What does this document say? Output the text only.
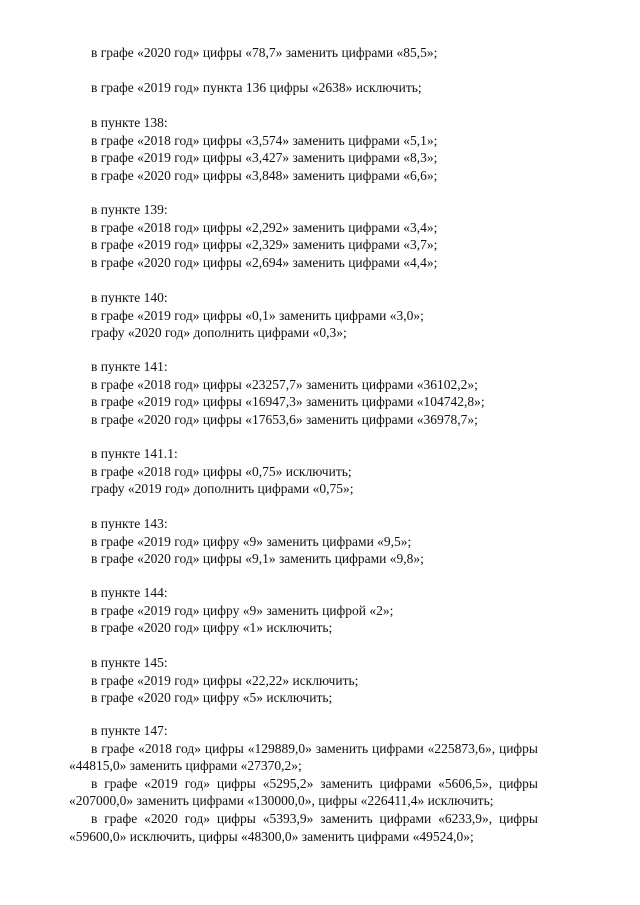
в графе «2020 год» цифры «78,7» заменить цифрами «85,5»;
в графе «2019 год» пункта 136 цифры «2638» исключить;
в пункте 138:
в графе «2018 год» цифры «3,574» заменить цифрами «5,1»;
в графе «2019 год» цифры «3,427» заменить цифрами «8,3»;
в графе «2020 год» цифры «3,848» заменить цифрами «6,6»;
в пункте 139:
в графе «2018 год» цифры «2,292» заменить цифрами «3,4»;
в графе «2019 год» цифры «2,329» заменить цифрами «3,7»;
в графе «2020 год» цифры «2,694» заменить цифрами «4,4»;
в пункте 140:
в графе «2019 год» цифры «0,1» заменить цифрами «3,0»;
графу «2020 год» дополнить цифрами «0,3»;
в пункте 141:
в графе «2018 год» цифры «23257,7» заменить цифрами «36102,2»;
в графе «2019 год» цифры «16947,3» заменить цифрами «104742,8»;
в графе «2020 год» цифры «17653,6» заменить цифрами «36978,7»;
в пункте 141.1:
в графе «2018 год» цифры «0,75» исключить;
графу «2019 год» дополнить цифрами «0,75»;
в пункте 143:
в графе «2019 год» цифру «9» заменить цифрами «9,5»;
в графе «2020 год» цифры «9,1» заменить цифрами «9,8»;
в пункте 144:
в графе «2019 год» цифру «9» заменить цифрой «2»;
в графе «2020 год» цифру «1» исключить;
в пункте 145:
в графе «2019 год» цифры «22,22» исключить;
в графе «2020 год» цифру «5» исключить;
в пункте 147:
в графе «2018 год» цифры «129889,0» заменить цифрами «225873,6», цифры
«44815,0» заменить цифрами «27370,2»;
в графе «2019 год» цифры «5295,2» заменить цифрами «5606,5», цифры
«207000,0» заменить цифрами «130000,0», цифры «226411,4» исключить;
в графе «2020 год» цифры «5393,9» заменить цифрами «6233,9», цифры
«59600,0» исключить, цифры «48300,0» заменить цифрами «49524,0»;
